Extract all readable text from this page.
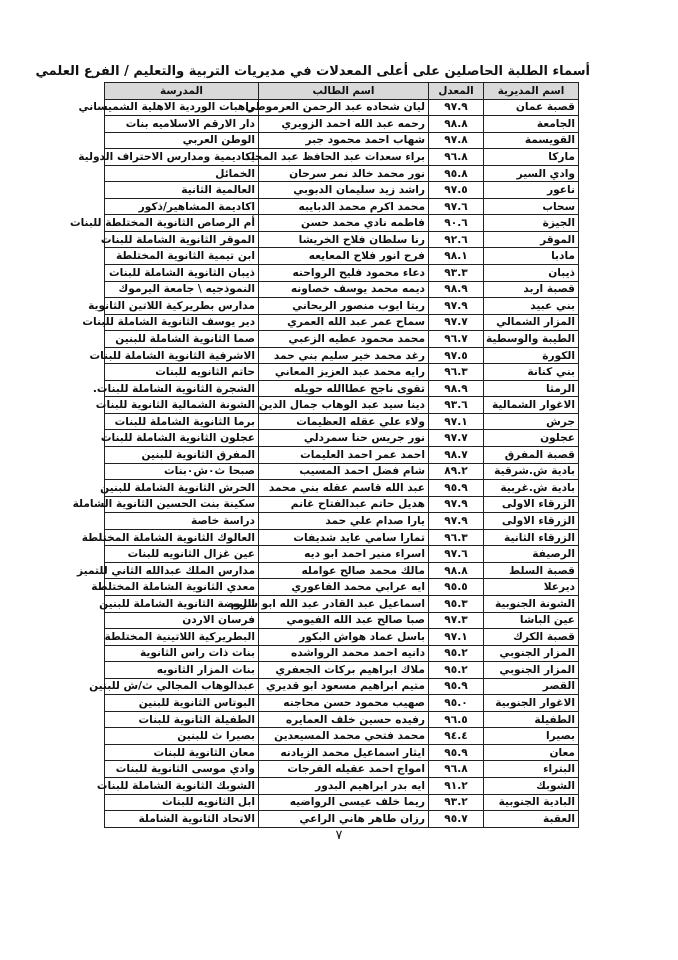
أسماء الطلبة الحاصلين على أعلى المعدلات في مديريات التربية والتعليم / الفرع العلمي
اسم المديرية	المعدل	اسم الطالب	المدرسة
قصبة عمان	٩٧.٩	ليان شحاده عبد الرحمن العرموطي	راهبات الوردية الاهلية الشميساني
الجامعة	٩٨.٨	رحمه عبد الله احمد الزويري	دار الارقم الاسلاميه بنات
القويسمة	٩٧.٨	شهاب احمد محمود جبر	الوطن العربي
ماركا	٩٦.٨	براء سعدات عبد الحافظ عبد المجيد	اكاديمية ومدارس الاحتراف الدولية
وادي السير	٩٥.٨	نور محمد خالد نمر سرحان	الخمائل
ناعور	٩٧.٥	راشد زيد سليمان الدبوبي	العالمية الثانية
سحاب	٩٧.٦	محمد اكرم محمد الدبايبه	اكاديمة المشاهير/ذكور
الجيزة	٩٠.٦	فاطمه نادي محمد حسن	أم الرصاص الثانوية المختلطة للبنات
الموقر	٩٢.٦	رنا سلطان فلاح الخريشا	الموقر الثانوية الشاملة للبنات
مادبا	٩٨.١	فرح انور فلاح المعايعه	ابن تيمية الثانوية المختلطة
ذيبان	٩٣.٣	دعاء محمود فليح الرواحنه	ذيبان الثانوية الشاملة للبنات
قصبة اربد	٩٨.٩	ديمه محمد يوسف خصاونه	النموذجيه \ جامعة اليرموك
بني عبيد	٩٧.٩	ريتا ايوب منصور الريحاني	مدارس بطريركية اللاتين الثانوية
المزار الشمالي	٩٧.٧	سماح عمر عبد الله العمري	دير يوسف الثانوية الشاملة للبنات
الطيبة والوسطية	٩٦.٧	محمد محمود عطيه الزعبي	صما الثانوية الشاملة للبنين
الكورة	٩٧.٥	رغد محمد خير سليم بني حمد	الاشرفية الثانوية الشاملة للبنات
بني كنانة	٩٦.٣	رايه محمد عبد العزيز المعاني	حاتم الثانويه للبنات
الرمثا	٩٨.٩	تقوى ناجح عطاالله حويله	الشجرة الثانوية الشاملة للبنات.
الاغوار الشمالية	٩٣.٦	دينا سيد عبد الوهاب جمال الدين	الشونة الشمالية الثانوية للبنات
جرش	٩٧.١	ولاء علي عقله العظيمات	برما الثانوية الشاملة للبنات
عجلون	٩٧.٧	نور جريس حنا سمردلي	عجلون الثانوية الشاملة للبنات
قصبة المفرق	٩٨.٧	احمد عمر احمد العليمات	المفرق الثانوية للبنين
بادية ش.شرقية	٨٩.٢	شام فضل احمد المسيب	صبحا ث٠ش٠بنات
بادية ش.غربية	٩٥.٩	عبد الله قاسم عقله بني محمد	الحرش الثانوية الشاملة للبنين
الزرقاء الاولى	٩٧.٩	هديل حاتم عبدالفتاح غانم	سكينة بنت الحسين الثانوية الشاملة
الزرقاء الاولى	٩٧.٩	يارا صدام علي حمد	دراسة خاصة
الزرقاء الثانية	٩٦.٣	تمارا سامي عايد شديفات	العالوك الثانوية الشاملة المختلطة
الرصيفة	٩٧.٦	اسراء منير احمد ابو ديه	عين غزال الثانويه للبنات
قصبة السلط	٩٨.٨	مالك محمد صالح عوامله	مدارس الملك عبدالله الثاني للتميز
ديرعلا	٩٥.٥	ايه عرابي محمد الفاعوري	معدي الثانوية الشاملة المختلطة
الشونة الجنوبية	٩٥.٣	اسماعيل عبد القادر عبد الله ابو سليم	الروضة الثانوية الشاملة للبنين
عين الباشا	٩٧.٣	صبا صالح عبد الله الفيومي	فرسان الاردن
قصبة الكرك	٩٧.١	باسل عماد هواش البكور	البطريركية اللاتينية المختلطة
المزار الجنوبي	٩٥.٢	دانيه احمد محمد الرواشده	بنات ذات راس الثانوية
المزار الجنوبي	٩٥.٢	ملاك ابراهيم بركات الجعفري	بنات المزار الثانويه
القصر	٩٥.٩	متيم ابراهيم مسعود ابو قديري	عبدالوهاب المجالي ث/ش للبنين
الاغوار الجنوبية	٩٥.٠	صهيب محمود حسن محاجنه	البوتاس الثانوية للبنين
الطفيلة	٩٦.٥	رفيده حسين خلف العمايره	الطفيلة الثانوية للبنات
بصيرا	٩٤.٤	محمد فتحي محمد المسيعدين	بصيرا ث للبنين
معان	٩٥.٩	ايثار اسماعيل محمد الزيادنه	معان الثانوية للبنات
البتراء	٩٦.٨	امواج احمد عقيله الفرجات	وادي موسى الثانوية للبنات
الشوبك	٩١.٢	ايه بدر ابراهيم البدور	الشوبك الثانوية الشاملة للبنات
البادية الجنوبية	٩٣.٢	ريما خلف عيسى الرواضيه	ابل الثانويه للبنات
العقبة	٩٥.٧	رزان طاهر هاني الراعي	الاتحاد الثانوية الشاملة
٧
